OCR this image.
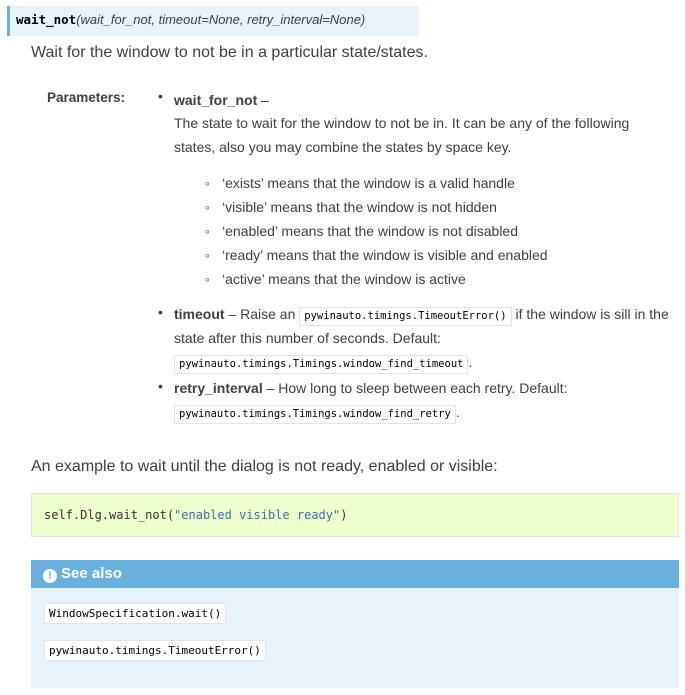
wait_not(wait_for_not, timeout=None, retry_interval=None)
Wait for the window to not be in a particular state/states.
Parameters: • wait_for_not –
The state to wait for the window to not be in. It can be any of the following states, also you may combine the states by space key.
◦ ‘exists’ means that the window is a valid handle
◦ ‘visible’ means that the window is not hidden
◦ ‘enabled’ means that the window is not disabled
◦ ‘ready’ means that the window is visible and enabled
◦ ‘active’ means that the window is active
• timeout – Raise an pywinauto.timings.TimeoutError() if the window is sill in the state after this number of seconds. Default:
pywinauto.timings.Timings.window_find_timeout .
• retry_interval – How long to sleep between each retry. Default:
pywinauto.timings.Timings.window_find_retry .
An example to wait until the dialog is not ready, enabled or visible:
self.Dlg.wait_not("enabled visible ready")
! See also
WindowSpecification.wait()
pywinauto.timings.TimeoutError()
